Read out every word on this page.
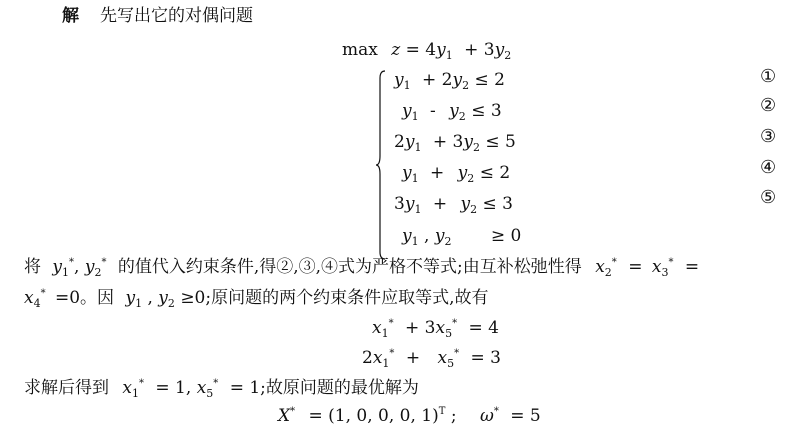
解 先写出它的对偶问题
$\max z = 4y_1 + 3y_2$
$y_1 + 2y_2 \le 2$
$y_1 - y_2 \le 3$
$2y_1 + 3y_2 \le 5$
$y_1 + y_2 \le 2$
$3y_1 + y_2 \le 3$
$y_1$ , $y_2 \ge 0$
①
②
③
④
⑤
将 $y_1^*$, $y_2^*$ 的值代入约束条件,得②,③,④式为严格不等式;由互补松弛性得 $x_2^* = x_3^*$ =
$x_4^* =0$。因 $y_1$ , $y_2 \ge 0$;原问题的两个约束条件应取等式,故有
$x_1^* + 3x_5^* = 4$
$2x_1^* + x_5^* = 3$
求解后得到 $x_1^* = 1$, $x_5^* = 1$;故原问题的最优解为
X* = (1, 0, 0, 0, 1)$^T$ ; ω* = 5
